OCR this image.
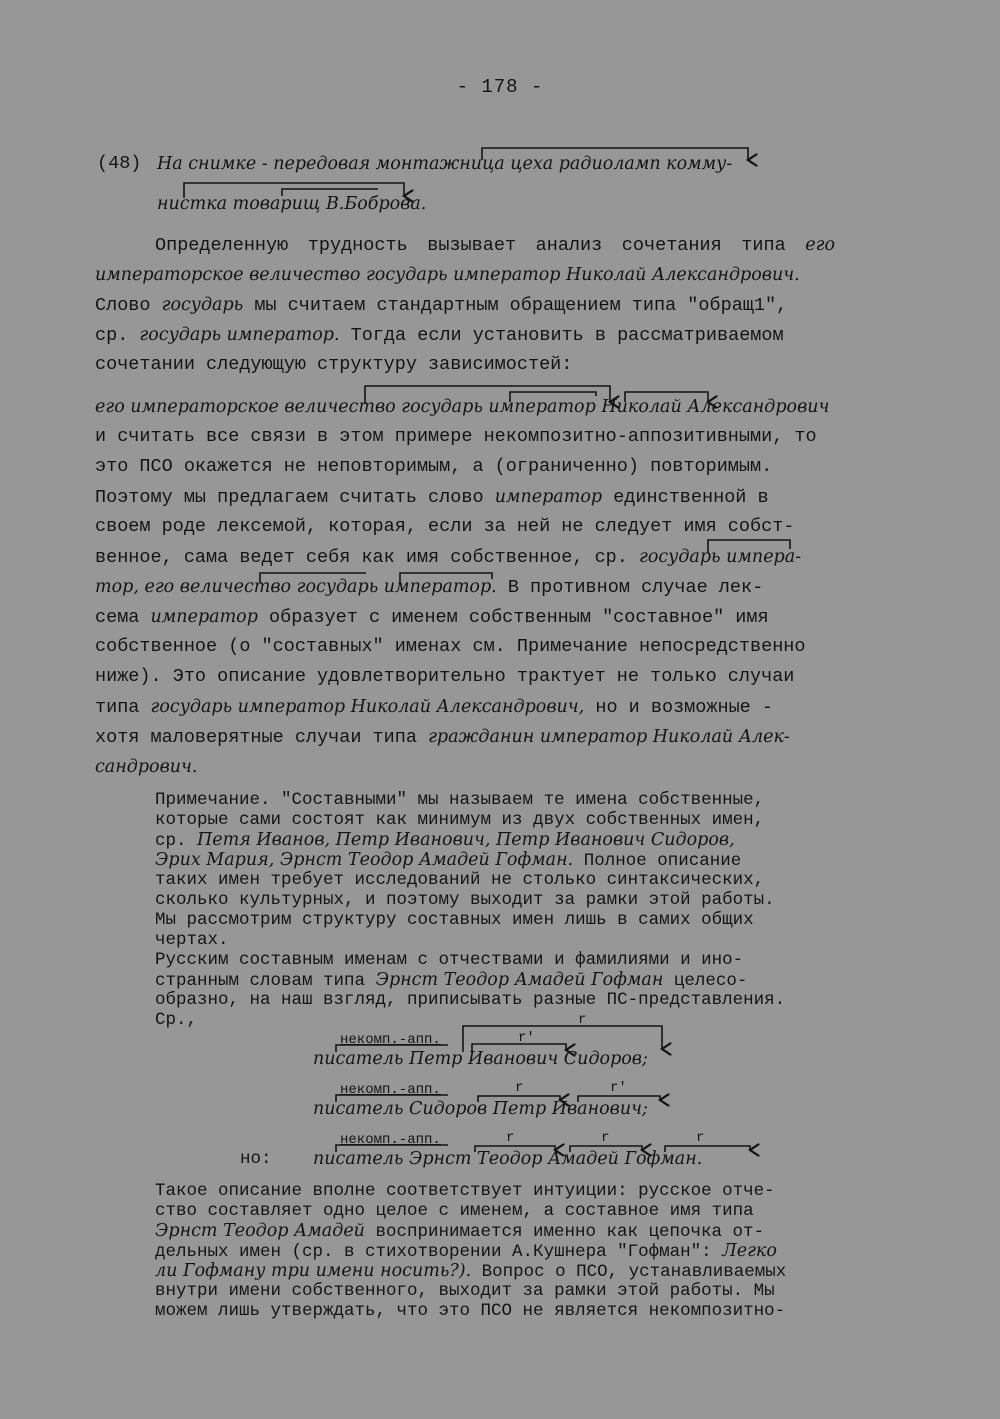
- 178 -
(48) На снимке - передовая монтажница цеха радиоламп комму-
нистка товарищ В.Боброва.
Определенную трудность вызывает анализ сочетания типа его
императорское величество государь император Николай Александрович.
Слово государь мы считаем стандартным обращением типа "обращ1",
ср. государь император. Тогда если установить в рассматриваемом
сочетании следующую структуру зависимостей:
его императорское величество государь император Николай Александрович
и считать все связи в этом примере некомпозитно-аппозитивными, то
это ПСО окажется не неповторимым, а (ограниченно) повторимым.
Поэтому мы предлагаем считать слово император единственной в
своем роде лексемой, которая, если за ней не следует имя собст-
венное, сама ведет себя как имя собственное, ср. государь импера-
тор, его величество государь император. В противном случае лек-
сема император образует с именем собственным "составное" имя
собственное (о "составных" именах см. Примечание непосредственно
ниже). Это описание удовлетворительно трактует не только случаи
типа государь император Николай Александрович, но и возможные -
хотя маловерятные случаи типа гражданин император Николай Алек-
сандрович.
Примечание. "Составными" мы называем те имена собственные,
которые сами состоят как минимум из двух собственных имен,
ср. Петя Иванов, Петр Иванович, Петр Иванович Сидоров,
Эрих Мария, Эрнст Теодор Амадей Гофман. Полное описание
таких имен требует исследований не столько синтаксических,
сколько культурных, и поэтому выходит за рамки этой работы.
Мы рассмотрим структуру составных имен лишь в самих общих
чертах.
Русским составным именам с отчествами и фамилиями и ино-
странным словам типа Эрнст Теодор Амадей Гофман целесо-
образно, на наш взгляд, приписывать разные ПС-представления.
Ср.,
некомп.-апп.
r
r'
писатель Петр Иванович Сидоров;
некомп.-апп.	r	r'
писатель Сидоров Петр Иванович;
некомп.-апп.	r	r	r
но: писатель Эрнст Теодор Амадей Гофман.
Такое описание вполне соответствует интуиции: русское отче-
ство составляет одно целое с именем, а составное имя типа
Эрнст Теодор Амадей воспринимается именно как цепочка от-
дельных имен (ср. в стихотворении А.Кушнера "Гофман": Легко
ли Гофману три имени носить?). Вопрос о ПСО, устанавливаемых
внутри имени собственного, выходит за рамки этой работы. Мы
можем лишь утверждать, что это ПСО не является некомпозитно-
